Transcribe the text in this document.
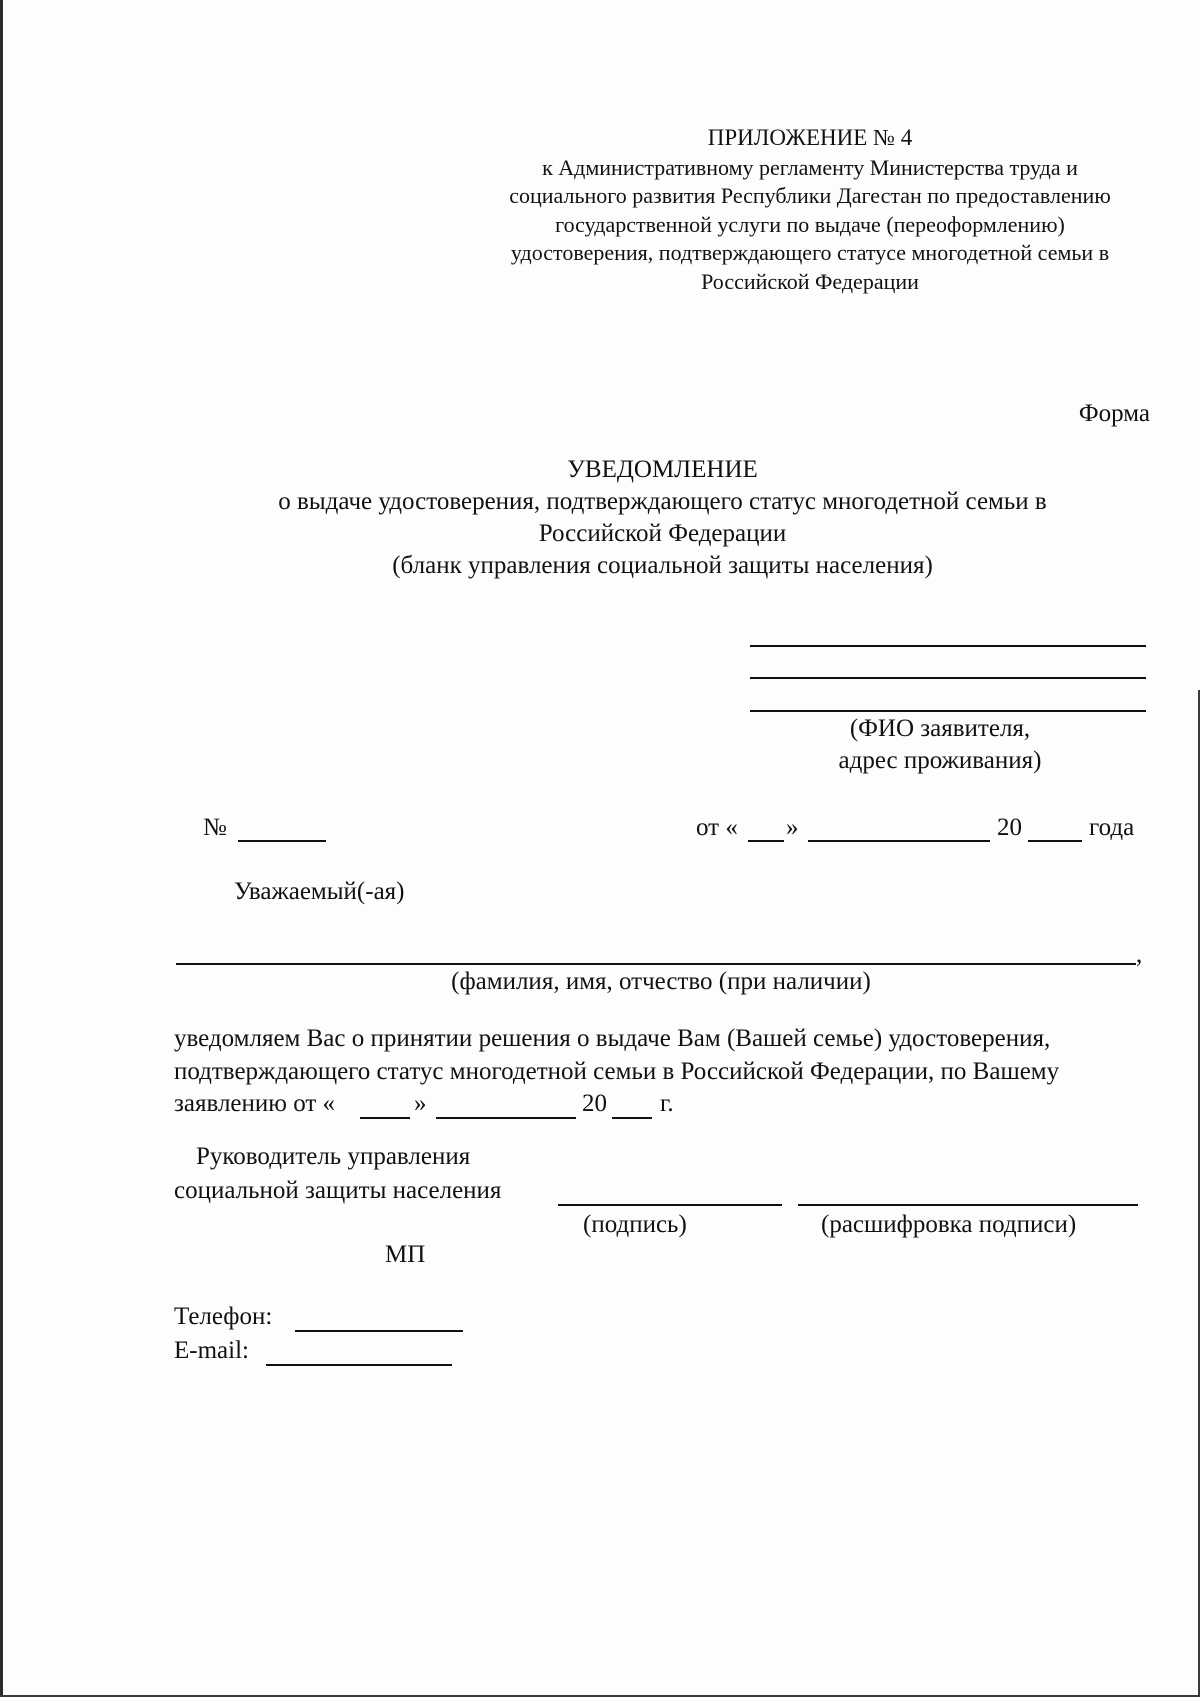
ПРИЛОЖЕНИЕ № 4
к Административному регламенту Министерства труда и
социального развития Республики Дагестан по предоставлению
государственной услуги по выдаче (переоформлению)
удостоверения, подтверждающего статусе многодетной семьи в
Российской Федерации
Форма
УВЕДОМЛЕНИЕ
о выдаче удостоверения, подтверждающего статус многодетной семьи в
Российской Федерации
(бланк управления социальной защиты населения)
(ФИО заявителя,
адрес проживания)
№	от « »	20	года
Уважаемый(-ая)
,
(фамилия, имя, отчество (при наличии)
уведомляем Вас о принятии решения о выдаче Вам (Вашей семье) удостоверения,
подтверждающего статус многодетной семьи в Российской Федерации, по Вашему
заявлению от «	»	20 г.
Руководитель управления
социальной защиты населения
(подпись)	(расшифровка подписи)
МП
Телефон:
E-mail:
